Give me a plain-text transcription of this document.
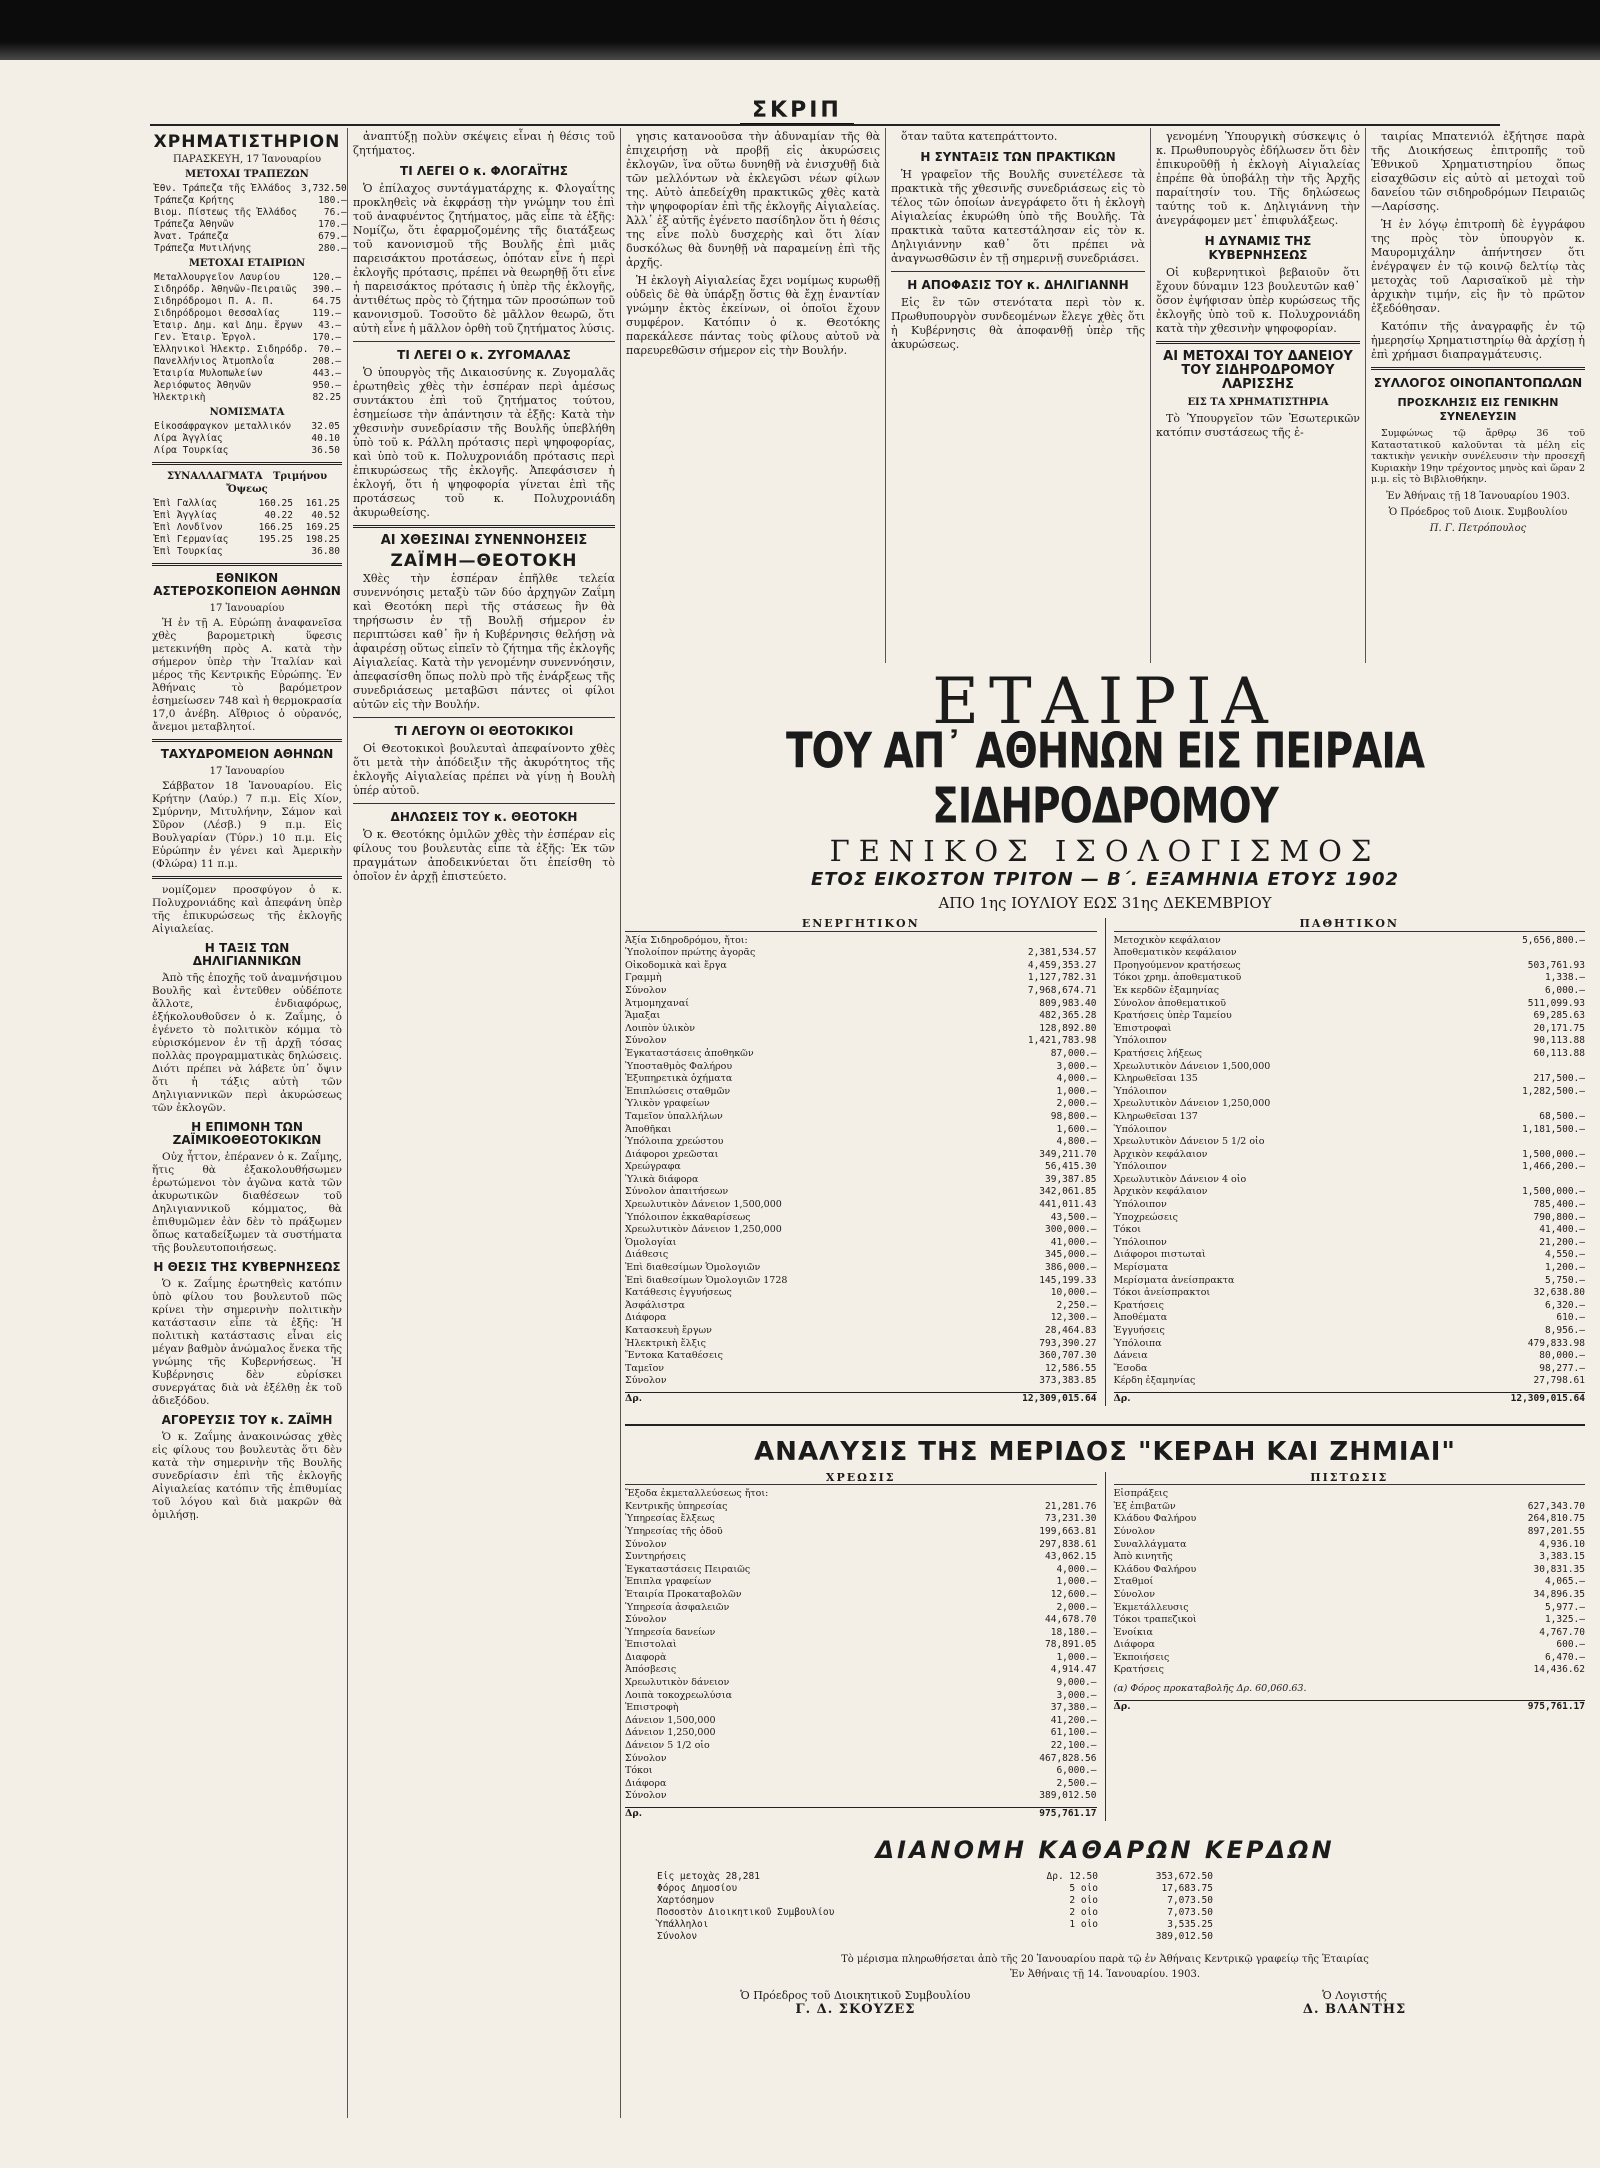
ΣΚΡΙΠ
ΧΡΗΜΑΤΙΣΤΗΡΙΟΝ
ΠΑΡΑΣΚΕΥΗ, 17 Ἰανουαρίου
ΜΕΤΟΧΑΙ ΤΡΑΠΕΖΩΝ
Ἐθν. Τράπεζα τῆς Ἑλλάδος	3,732.50
Τράπεζα Κρήτης	180.—
Βιομ. Πίστεως τῆς Ἑλλάδος	76.—
Τράπεζα Ἀθηνῶν	170.—
Ἀνατ. Τράπεζα	679.—
Τράπεζα Μυτιλήνης	280.—
ΜΕΤΟΧΑΙ ΕΤΑΙΡΙΩΝ
Μεταλλουργεῖον Λαυρίου	120.—
Σιδηρόδρ. Ἀθηνῶν-Πειραιῶς	390.—
Σιδηρόδρομοι Π. Α. Π.	64.75
Σιδηρόδρομοι Θεσσαλίας	119.—
Ἑταιρ. Δημ. καὶ Δημ. ἔργων	43.—
Γεν. Ἑταιρ. Ἐργολ.	170.—
Ἑλληνικοὶ Ἠλεκτρ. Σιδηρόδρ.	70.—
Πανελλήνιος Ἀτμοπλοΐα	208.—
Ἑταιρία Μυλοπωλείων	443.—
Ἀεριόφωτος Ἀθηνῶν	950.—
Ἠλεκτρικὴ	82.25
ΝΟΜΙΣΜΑΤΑ
Εἰκοσάφραγκον μεταλλικόν	32.05
Λίρα Ἀγγλίας	40.10
Λίρα Τουρκίας	36.50
ΣΥΝΑΛΛΑΓΜΑΤΑ Τριμήνου Ὄψεως
Ἐπὶ Γαλλίας	160.25	161.25
Ἐπὶ Ἀγγλίας	40.22	40.52
Ἐπὶ Λονδῖνον	166.25	169.25
Ἐπὶ Γερμανίας	195.25	198.25
Ἐπὶ Τουρκίας		36.80
ΕΘΝΙΚΟΝ ΑΣΤΕΡΟΣΚΟΠΕΙΟΝ ΑΘΗΝΩΝ
17 Ἰανουαρίου

Ἡ ἐν τῇ Α. Εὐρώπῃ ἀναφανεῖσα χθὲς βαρομετρικὴ ὕφεσις μετεκινήθη πρὸς Α. κατὰ τὴν σήμερον ὑπὲρ τὴν Ἰταλίαν καὶ μέρος τῆς Κεντρικῆς Εὐρώπης. Ἐν Ἀθήναις τὸ βαρόμετρον ἐσημείωσεν 748 καὶ ἡ θερμοκρασία 17,0 ἀνέβη. Αἴθριος ὁ οὐρανός, ἄνεμοι μεταβλητοί.

ΤΑΧΥΔΡΟΜΕΙΟΝ ΑΘΗΝΩΝ
17 Ἰανουαρίου

Σάββατον 18 Ἰανουαρίου. Εἰς Κρήτην (Λαύρ.) 7 π.μ. Εἰς Χίον, Σμύρνην, Μιτυλήνην, Σάμον καὶ Σῦρον (Λέσβ.) 9 π.μ. Εἰς Βουλγαρίαν (Τύρν.) 10 π.μ. Εἰς Εὐρώπην ἐν γένει καὶ Ἀμερικὴν (Φλώρα) 11 π.μ.

νομίζομεν προσφύγον ὁ κ. Πολυχρονιάδης καὶ ἀπεφάνη ὑπὲρ τῆς ἐπικυρώσεως τῆς ἐκλογῆς Αἰγιαλείας.

Η ΤΑΞΙΣ ΤΩΝ ΔΗΛΙΓΙΑΝΝΙΚΩΝ

Ἀπὸ τῆς ἐποχῆς τοῦ ἀναμνήσιμου Βουλῆς καὶ ἐντεῦθεν οὐδέποτε ἄλλοτε, ἐνδιαφόρως, ἐξήκολουθοῦσεν ὁ κ. Ζαΐμης, ὁ ἐγένετο τὸ πολιτικὸν κόμμα τὸ εὑρισκόμενον ἐν τῇ ἀρχῇ τόσας πολλὰς προγραμματικὰς δηλώσεις. Διότι πρέπει νὰ λάβετε ὑπ᾿ ὄψιν ὅτι ἡ τάξις αὐτὴ τῶν Δηλιγιαννικῶν περὶ ἀκυρώσεως τῶν ἐκλογῶν.

Η ΕΠΙΜΟΝΗ ΤΩΝ ΖΑΪΜΙΚΟΘΕΟΤΟΚΙΚΩΝ

Οὐχ ἧττον, ἐπέρανεν ὁ κ. Ζαΐμης, ἥτις θὰ ἐξακολουθήσωμεν ἐρωτώμενοι τὸν ἀγῶνα κατὰ τῶν ἀκυρωτικῶν διαθέσεων τοῦ Δηλιγιαννικοῦ κόμματος, θὰ ἐπιθυμῶμεν ἐὰν δὲν τὸ πράξωμεν ὅπως καταδείξωμεν τὰ συστήματα τῆς βουλευτοποιήσεως.

Η ΘΕΣΙΣ ΤΗΣ ΚΥΒΕΡΝΗΣΕΩΣ

Ὁ κ. Ζαΐμης ἐρωτηθεὶς κατόπιν ὑπὸ φίλου του βουλευτοῦ πῶς κρίνει τὴν σημερινὴν πολιτικὴν κατάστασιν εἶπε τὰ ἑξῆς: Ἡ πολιτικὴ κατάστασις εἶναι εἰς μέγαν βαθμὸν ἀνώμαλος ἕνεκα τῆς γνώμης τῆς Κυβερνήσεως. Ἡ Κυβέρνησις δὲν εὑρίσκει συνεργάτας διὰ νὰ ἐξέλθῃ ἐκ τοῦ ἀδιεξόδου.

ΑΓΟΡΕΥΣΙΣ ΤΟΥ κ. ΖΑΪΜΗ

Ὁ κ. Ζαΐμης ἀνακοινώσας χθὲς εἰς φίλους του βουλευτὰς ὅτι δὲν κατὰ τὴν σημερινὴν τῆς Βουλῆς συνεδρίασιν ἐπὶ τῆς ἐκλογῆς Αἰγιαλείας κατόπιν τῆς ἐπιθυμίας τοῦ λόγου καὶ διὰ μακρῶν θὰ ὁμιλήσῃ.

ἀναπτύξῃ πολὺν σκέψεις εἶναι ἡ θέσις τοῦ ζητήματος.

ΤΙ ΛΕΓΕΙ Ο κ. ΦΛΟΓΑΪΤΗΣ

Ὁ ἐπίλαχος συντάγματάρχης κ. Φλογαΐτης προκληθεὶς νὰ ἐκφράσῃ τὴν γνώμην του ἐπὶ τοῦ ἀναφυέντος ζητήματος, μᾶς εἶπε τὰ ἑξῆς: Νομίζω, ὅτι ἐφαρμοζομένης τῆς διατάξεως τοῦ κανονισμοῦ τῆς Βουλῆς ἐπὶ μιᾶς παρεισάκτου προτάσεως, ὁπόταν εἶνε ἡ περὶ ἐκλογῆς πρότασις, πρέπει νὰ θεωρηθῇ ὅτι εἶνε ἡ παρεισάκτος πρότασις ἡ ὑπὲρ τῆς ἐκλογῆς, ἀντιθέτως πρὸς τὸ ζήτημα τῶν προσώπων τοῦ κανονισμοῦ. Τοσοῦτο δὲ μᾶλλον θεωρῶ, ὅτι αὐτὴ εἶνε ἡ μᾶλλον ὀρθὴ τοῦ ζητήματος λύσις.

ΤΙ ΛΕΓΕΙ Ο κ. ΖΥΓΟΜΑΛΑΣ

Ὁ ὑπουργὸς τῆς Δικαιοσύνης κ. Ζυγομαλᾶς ἐρωτηθεὶς χθὲς τὴν ἑσπέραν περὶ ἀμέσως συντάκτου ἐπὶ τοῦ ζητήματος τούτου, ἐσημείωσε τὴν ἀπάντησιν τὰ ἑξῆς: Κατὰ τὴν χθεσινὴν συνεδρίασιν τῆς Βουλῆς ὑπεβλήθη ὑπὸ τοῦ κ. Ράλλη πρότασις περὶ ψηφοφορίας, καὶ ὑπὸ τοῦ κ. Πολυχρονιάδη πρότασις περὶ ἐπικυρώσεως τῆς ἐκλογῆς. Ἀπεφάσισεν ἡ ἐκλογή, ὅτι ἡ ψηφοφορία γίνεται ἐπὶ τῆς προτάσεως τοῦ κ. Πολυχρονιάδη ἀκυρωθείσης.

ΑΙ ΧΘΕΣΙΝΑΙ ΣΥΝΕΝΝΟΗΣΕΙΣ
ΖΑΪΜΗ—ΘΕΟΤΟΚΗ

Χθὲς τὴν ἑσπέραν ἐπῆλθε τελεία συνεννόησις μεταξὺ τῶν δύο ἀρχηγῶν Ζαΐμη καὶ Θεοτόκη περὶ τῆς στάσεως ἣν θὰ τηρήσωσιν ἐν τῇ Βουλῇ σήμερον ἐν περιπτώσει καθ᾿ ἣν ἡ Κυβέρνησις θελήσῃ νὰ ἀφαιρέσῃ οὕτως εἰπεῖν τὸ ζήτημα τῆς ἐκλογῆς Αἰγιαλείας. Κατὰ τὴν γενομένην συνεννόησιν, ἀπεφασίσθη ὅπως πολὺ πρὸ τῆς ἐνάρξεως τῆς συνεδριάσεως μεταβῶσι πάντες οἱ φίλοι αὐτῶν εἰς τὴν Βουλήν.

ΤΙ ΛΕΓΟΥΝ ΟΙ ΘΕΟΤΟΚΙΚΟΙ

Οἱ Θεοτοκικοὶ βουλευταὶ ἀπεφαίνοντο χθὲς ὅτι μετὰ τὴν ἀπόδειξιν τῆς ἀκυρότητος τῆς ἐκλογῆς Αἰγιαλείας πρέπει νὰ γίνῃ ἡ Βουλὴ ὑπέρ αὐτοῦ.

ΔΗΛΩΣΕΙΣ ΤΟΥ κ. ΘΕΟΤΟΚΗ

Ὁ κ. Θεοτόκης ὁμιλῶν χθὲς τὴν ἑσπέραν εἰς φίλους του βουλευτὰς εἶπε τὰ ἑξῆς: Ἐκ τῶν πραγμάτων ἀποδεικνύεται ὅτι ἐπείσθη τὸ ὁποῖον ἐν ἀρχῇ ἐπιστεύετο.

γησις κατανοοῦσα τὴν ἀδυναμίαν τῆς θὰ ἐπιχειρήσῃ νὰ προβῇ εἰς ἀκυρώσεις ἐκλογῶν, ἵνα οὕτω δυνηθῇ νὰ ἐνισχυθῇ διὰ τῶν μελλόντων νὰ ἐκλεγῶσι νέων φίλων της. Αὐτὸ ἀπεδείχθη πρακτικῶς χθὲς κατὰ τὴν ψηφοφορίαν ἐπὶ τῆς ἐκλογῆς Αἰγιαλείας. Ἀλλ᾿ ἐξ αὐτῆς ἐγένετο πασίδηλον ὅτι ἡ θέσις της εἶνε πολὺ δυσχερὴς καὶ ὅτι λίαν δυσκόλως θὰ δυνηθῇ νὰ παραμείνῃ ἐπὶ τῆς ἀρχῆς.

Ἡ ἐκλογὴ Αἰγιαλείας ἔχει νομίμως κυρωθῇ οὐδεὶς δὲ θὰ ὑπάρξῃ ὅστις θὰ ἔχῃ ἐναντίαν γνώμην ἐκτὸς ἐκείνων, οἱ ὁποῖοι ἔχουν συμφέρον. Κατόπιν ὁ κ. Θεοτόκης παρεκάλεσε πάντας τοὺς φίλους αὐτοῦ νὰ παρευρεθῶσιν σήμερον εἰς τὴν Βουλήν.

ὅταν ταῦτα κατεπράττοντο.

Η ΣΥΝΤΑΞΙΣ ΤΩΝ ΠΡΑΚΤΙΚΩΝ

Ἡ γραφεῖον τῆς Βουλῆς συνετέλεσε τὰ πρακτικὰ τῆς χθεσινῆς συνεδριάσεως εἰς τὸ τέλος τῶν ὁποίων ἀνεγράφετο ὅτι ἡ ἐκλογὴ Αἰγιαλείας ἐκυρώθη ὑπὸ τῆς Βουλῆς. Τὰ πρακτικὰ ταῦτα κατεστάλησαν εἰς τὸν κ. Δηλιγιάννην καθ᾿ ὅτι πρέπει νὰ ἀναγνωσθῶσιν ἐν τῇ σημερινῇ συνεδριάσει.

Η ΑΠΟΦΑΣΙΣ ΤΟΥ κ. ΔΗΛΙΓΙΑΝΝΗ

Εἰς ἓν τῶν στενότατα περὶ τὸν κ. Πρωθυπουργὸν συνδεομένων ἔλεγε χθὲς ὅτι ἡ Κυβέρνησις θὰ ἀποφανθῇ ὑπὲρ τῆς ἀκυρώσεως.

γενομένη Ὑπουργικὴ σύσκεψις ὁ κ. Πρωθυπουργὸς ἐδήλωσεν ὅτι δὲν ἐπικυροῦθῇ ἡ ἐκλογὴ Αἰγιαλείας ἐπρέπε θὰ ὑποβάλῃ τὴν τῆς Ἀρχῆς παραίτησίν του. Τῆς δηλώσεως ταύτης τοῦ κ. Δηλιγιάννη τὴν ἀνεγράφομεν μετ᾿ ἐπιφυλάξεως.

Η ΔΥΝΑΜΙΣ ΤΗΣ ΚΥΒΕΡΝΗΣΕΩΣ

Οἱ κυβερνητικοὶ βεβαιοῦν ὅτι ἔχουν δύναμιν 123 βουλευτῶν καθ᾿ ὅσον ἐψήφισαν ὑπὲρ κυρώσεως τῆς ἐκλογῆς ὑπὸ τοῦ κ. Πολυχρονιάδη κατὰ τὴν χθεσινὴν ψηφοφορίαν.

ΑΙ ΜΕΤΟΧΑΙ ΤΟΥ ΔΑΝΕΙΟΥ ΤΟΥ ΣΙΔΗΡΟΔΡΟΜΟΥ ΛΑΡΙΣΣΗΣ
ΕΙΣ ΤΑ ΧΡΗΜΑΤΙΣΤΗΡΙΑ

Τὸ Ὑπουργεῖον τῶν Ἐσωτερικῶν κατόπιν συστάσεως τῆς ἐ-

ταιρίας Μπατενιόλ ἐξήτησε παρὰ τῆς Διοικήσεως ἐπιτροπῆς τοῦ Ἐθνικοῦ Χρηματιστηρίου ὅπως εἰσαχθῶσιν εἰς αὐτὸ αἱ μετοχαὶ τοῦ δανείου τῶν σιδηροδρόμων Πειραιῶς—Λαρίσσης.

Ἡ ἐν λόγῳ ἐπιτροπὴ δὲ ἐγγράφου της πρὸς τὸν ὑπουργὸν κ. Μαυρομιχάλην ἀπήντησεν ὅτι ἐνέγραψεν ἐν τῷ κοινῷ δελτίῳ τὰς μετοχὰς τοῦ Λαρισαϊκοῦ μὲ τὴν ἀρχικὴν τιμήν, εἰς ἣν τὸ πρῶτον ἐξεδόθησαν.

Κατόπιν τῆς ἀναγραφῆς ἐν τῷ ἡμερησίῳ Χρηματιστηρίῳ θὰ ἀρχίσῃ ἡ ἐπὶ χρήμασι διαπραγμάτευσις.

ΣΥΛΛΟΓΟΣ ΟΙΝΟΠΑΝΤΟΠΩΛΩΝ
ΠΡΟΣΚΛΗΣΙΣ ΕΙΣ ΓΕΝΙΚΗΝ ΣΥΝΕΛΕΥΣΙΝ

Συμφώνως τῷ ἄρθρῳ 36 τοῦ Καταστατικοῦ καλοῦνται τὰ μέλη εἰς τακτικὴν γενικὴν συνέλευσιν τὴν προσεχῆ Κυριακὴν 19ην τρέχοντος μηνὸς καὶ ὥραν 2 μ.μ. εἰς τὸ Βιβλιοθήκην.

Ἐν Ἀθήναις τῇ 18 Ἰανουαρίου 1903.
Ὁ Πρόεδρος τοῦ Διοικ. Συμβουλίου
Π. Γ. Πετρόπουλος
ΕΤΑΙΡΙΑ
ΤΟΥ ΑΠ᾿ ΑΘΗΝΩΝ ΕΙΣ ΠΕΙΡΑΙΑ ΣΙΔΗΡΟΔΡΟΜΟΥ
ΓΕΝΙΚΟΣ ΙΣΟΛΟΓΙΣΜΟΣ
ΕΤΟΣ ΕΙΚΟΣΤΟΝ ΤΡΙΤΟΝ — Β΄. ΕΞΑΜΗΝΙΑ ΕΤΟΥΣ 1902
ΑΠΟ 1ης ΙΟΥΛΙΟΥ ΕΩΣ 31ης ΔΕΚΕΜΒΡΙΟΥ
ΕΝΕΡΓΗΤΙΚΟΝ
Ἀξία Σιδηροδρόμου, ἤτοι:
Ὑπολοίπον πρώτης ἀγορᾶς	2,381,534.57
Οἰκοδομικὰ καὶ ἔργα	4,459,353.27
Γραμμὴ	1,127,782.31
Σύνολον	7,968,674.71
Ἀτμομηχαναί	809,983.40
Ἅμαξαι	482,365.28
Λοιπὸν ὑλικὸν	128,892.80
Σύνολον	1,421,783.98
Ἐγκαταστάσεις ἀποθηκῶν	87,000.—
Ὑποσταθμὸς Φαλήρου	3,000.—
Ἐξυπηρετικὰ ὀχήματα	4,000.—
Ἐπιπλώσεις σταθμῶν	1,000.—
Ὑλικὸν γραφείων	2,000.—
Ταμεῖον ὑπαλλήλων	98,800.—
Ἀποθῆκαι	1,600.—
Ὑπόλοιπα χρεώστου	4,800.—
Διάφοροι χρεῶσται	349,211.70
Χρεώγραφα	56,415.30
Ὑλικὰ διάφορα	39,387.85
Σύνολον ἀπαιτήσεων	342,061.85
Χρεωλυτικὸν Δάνειον 1,500,000	441,011.43
Ὑπόλοιπον ἐκκαθαρίσεως	43,500.—
Χρεωλυτικὸν Δάνειον 1,250,000	300,000.—
Ὁμολογίαι	41,000.—
Διάθεσις	345,000.—
Ἐπὶ διαθεσίμων Ὁμολογιῶν	386,000.—
Ἐπὶ διαθεσίμων Ὁμολογιῶν 1728	145,199.33
Κατάθεσις ἐγγυήσεως	10,000.—
Ἀσφάλιστρα	2,250.—
Διάφορα	12,300.—
Κατασκευὴ ἔργων	28,464.83
Ἠλεκτρικὴ ἔλξις	793,390.27
Ἔντοκα Καταθέσεις	360,707.30
Ταμεῖον	12,586.55
Σύνολον	373,383.85
Δρ.	12,309,015.64
ΠΑΘΗΤΙΚΟΝ
Μετοχικὸν κεφάλαιον	5,656,800.—
Ἀποθεματικὸν κεφάλαιον
Προηγούμενον κρατήσεως	503,761.93
Τόκοι χρημ. ἀποθεματικοῦ	1,338.—
Ἐκ κερδῶν ἐξαμηνίας	6,000.—
Σύνολον ἀποθεματικοῦ	511,099.93
Κρατήσεις ὑπὲρ Ταμείου	69,285.63
Ἐπιστροφαὶ	20,171.75
Ὑπόλοιπον	90,113.88
Κρατήσεις λήξεως	60,113.88
Χρεωλυτικὸν Δάνειον 1,500,000
Κληρωθεῖσαι 135	217,500.—
Ὑπόλοιπον	1,282,500.—
Χρεωλυτικὸν Δάνειον 1,250,000
Κληρωθεῖσαι 137	68,500.—
Ὑπόλοιπον	1,181,500.—
Χρεωλυτικὸν Δάνειον 5 1/2 οἰο
Ἀρχικὸν κεφάλαιον	1,500,000.—
Ὑπόλοιπον	1,466,200.—
Χρεωλυτικὸν Δάνειον 4 οἰο
Ἀρχικὸν κεφάλαιον	1,500,000.—
Ὑπόλοιπον	785,400.—
Ὑποχρεώσεις	790,800.—
Τόκοι	41,400.—
Ὑπόλοιπον	21,200.—
Διάφοροι πιστωταὶ	4,550.—
Μερίσματα	1,200.—
Μερίσματα ἀνείσπρακτα	5,750.—
Τόκοι ἀνείσπρακτοι	32,638.80
Κρατήσεις	6,320.—
Ἀποθέματα	610.—
Ἐγγυήσεις	8,956.—
Ὑπόλοιπα	479,833.98
Δάνεια	80,000.—
Ἔσοδα	98,277.—
Κέρδη ἐξαμηνίας	27,798.61
Δρ.	12,309,015.64
ΑΝΑΛΥΣΙΣ ΤΗΣ ΜΕΡΙΔΟΣ "ΚΕΡΔΗ ΚΑΙ ΖΗΜΙΑΙ"
ΧΡΕΩΣΙΣ
Ἔξοδα ἐκμεταλλεύσεως ἤτοι:
Κεντρικῆς ὑπηρεσίας	21,281.76
Ὑπηρεσίας ἔλξεως	73,231.30
Ὑπηρεσίας τῆς ὁδοῦ	199,663.81
Σύνολον	297,838.61
Συντηρήσεις	43,062.15
Ἐγκαταστάσεις Πειραιῶς	4,000.—
Ἐπιπλα γραφείων	1,000.—
Ἑταιρία Προκαταβολῶν	12,600.—
Ὑπηρεσία ἀσφαλειῶν	2,000.—
Σύνολον	44,678.70
Ὑπηρεσία δανείων	18,180.—
Ἐπιστολαὶ	78,891.05
Διαφορὰ	1,000.—
Ἀπόσβεσις	4,914.47
Χρεωλυτικὸν δάνειον	9,000.—
Λοιπὰ τοκοχρεωλύσια	3,000.—
Ἐπιστροφὴ	37,380.—
Δάνειον 1,500,000	41,200.—
Δάνειον 1,250,000	61,100.—
Δάνειον 5 1/2 οἰο	22,100.—
Σύνολον	467,828.56
Τόκοι	6,000.—
Διάφορα	2,500.—
Σύνολον	389,012.50
Δρ.	975,761.17
ΠΙΣΤΩΣΙΣ
Εἰσπράξεις
Ἐξ ἐπιβατῶν	627,343.70
Κλάδου Φαλήρου	264,810.75
Σύνολον	897,201.55
Συναλλάγματα	4,936.10
Ἀπὸ κινητῆς	3,383.15
Κλάδου Φαλήρου	30,831.35
Σταθμοί	4,065.—
Σύνολον	34,896.35
Ἐκμετάλλευσις	5,977.—
Τόκοι τραπεζικοὶ	1,325.—
Ἐνοίκια	4,767.70
Διάφορα	600.—
Ἐκποιήσεις	6,470.—
Κρατήσεις	14,436.62
(α) Φόρος προκαταβολῆς Δρ. 60,060.63.
Δρ.	975,761.17
ΔΙΑΝΟΜΗ ΚΑΘΑΡΩΝ ΚΕΡΔΩΝ
Εἰς μετοχὰς 28,281	Δρ. 12.50	353,672.50
Φόρος Δημοσίου	5 οἰο	17,683.75
Χαρτόσημον	2 οἰο	7,073.50
Ποσοστὸν Διοικητικοῦ Συμβουλίου	2 οἰο	7,073.50
Ὑπάλληλοι	1 οἰο	3,535.25
Σύνολον		389,012.50
Τὸ μέρισμα πληρωθήσεται ἀπὸ τῆς 20 Ἰανουαρίου παρὰ τῷ ἐν Ἀθήναις Κεντρικῷ γραφείῳ τῆς Ἑταιρίας
Ἐν Ἀθήναις τῇ 14. Ἰανουαρίου. 1903.
Ὁ Πρόεδρος τοῦ Διοικητικοῦ Συμβουλίου
Γ. Δ. ΣΚΟΥΖΕΣ
Ὁ Λογιστής
Δ. ΒΛΑΝΤΗΣ
